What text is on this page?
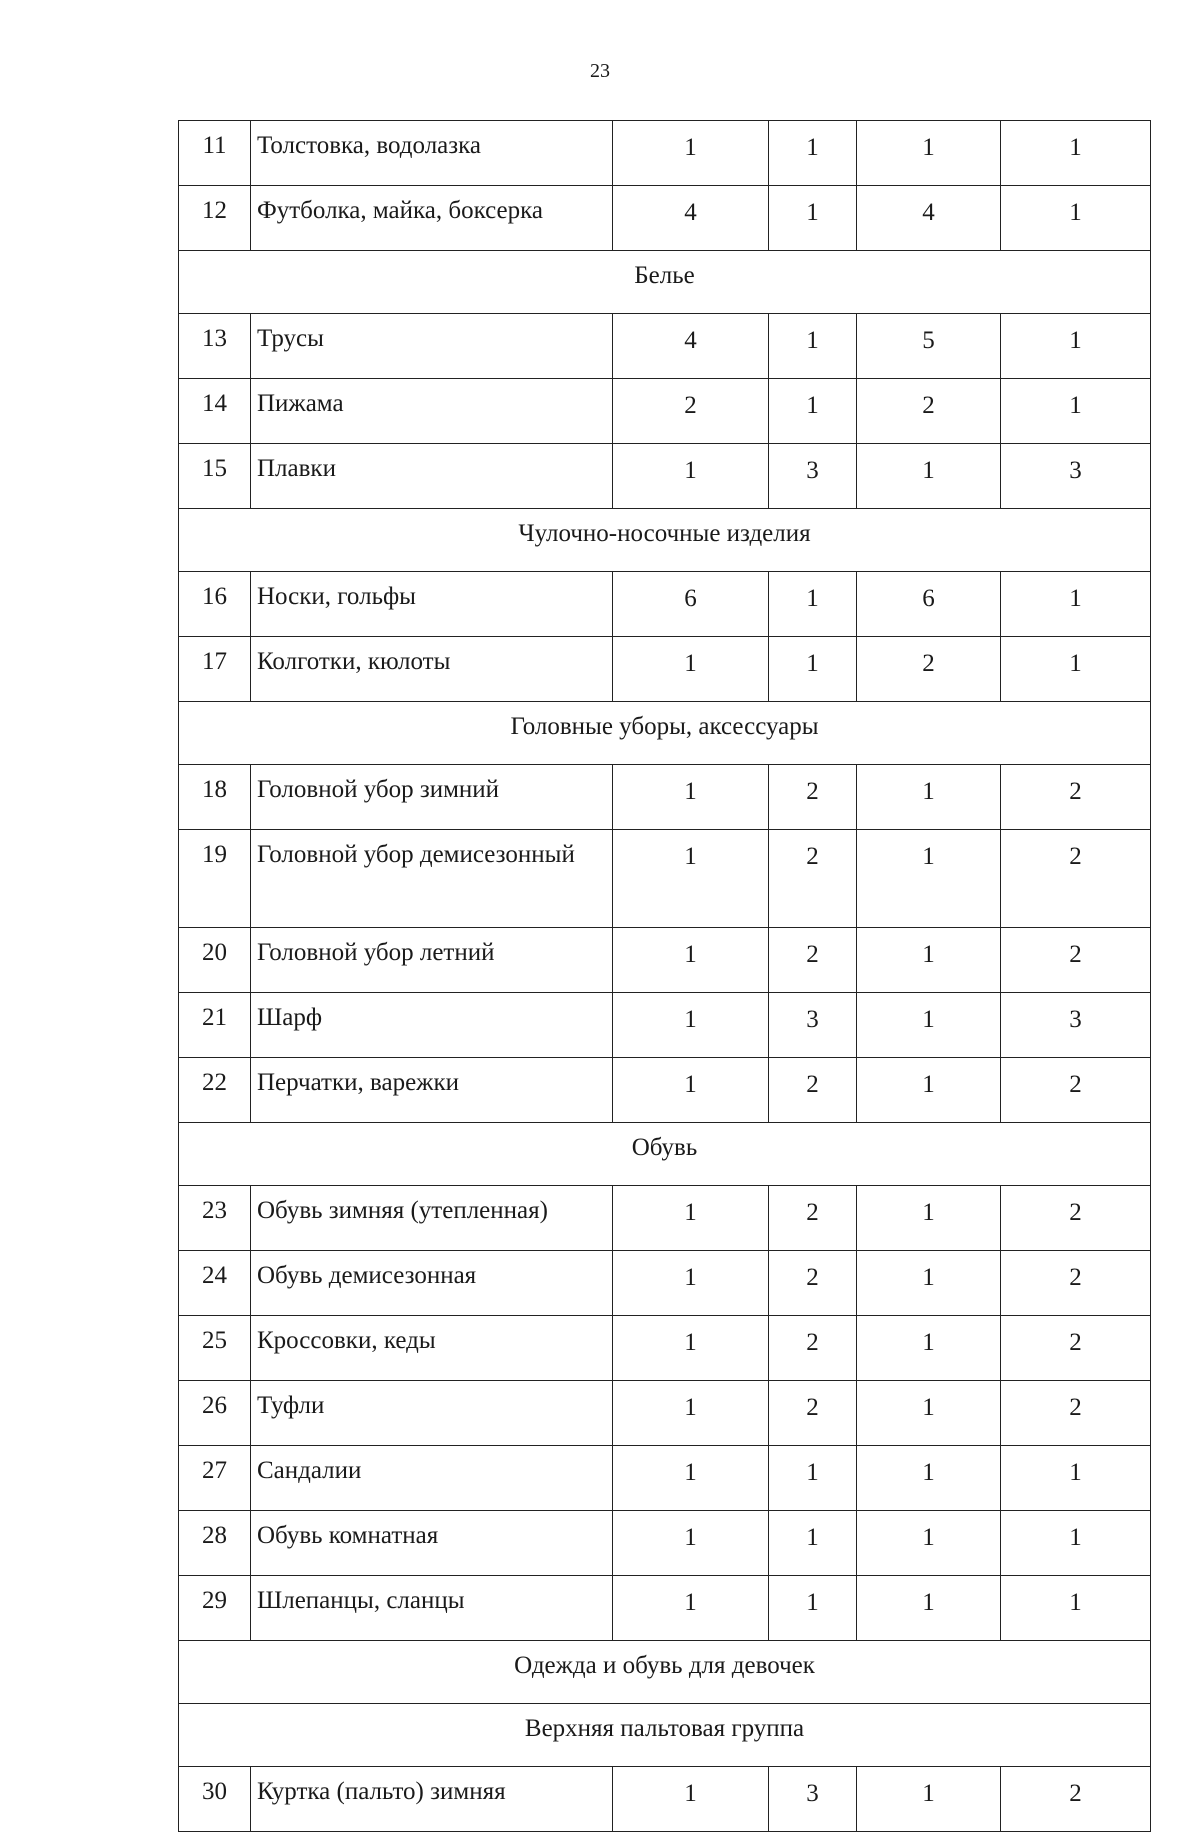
23
11	Толстовка, водолазка	1	1	1	1
12	Футболка, майка, боксерка	4	1	4	1
Белье					
13	Трусы	4	1	5	1
14	Пижама	2	1	2	1
15	Плавки	1	3	1	3
Чулочно-носочные изделия					
16	Носки, гольфы	6	1	6	1
17	Колготки, кюлоты	1	1	2	1
Головные уборы, аксессуары					
18	Головной убор зимний	1	2	1	2
19	Головной убор демисезонный	1	2	1	2
20	Головной убор летний	1	2	1	2
21	Шарф	1	3	1	3
22	Перчатки, варежки	1	2	1	2
Обувь					
23	Обувь зимняя (утепленная)	1	2	1	2
24	Обувь демисезонная	1	2	1	2
25	Кроссовки, кеды	1	2	1	2
26	Туфли	1	2	1	2
27	Сандалии	1	1	1	1
28	Обувь комнатная	1	1	1	1
29	Шлепанцы, сланцы	1	1	1	1
Одежда и обувь для девочек					
Верхняя пальтовая группа					
30	Куртка (пальто) зимняя	1	3	1	2
